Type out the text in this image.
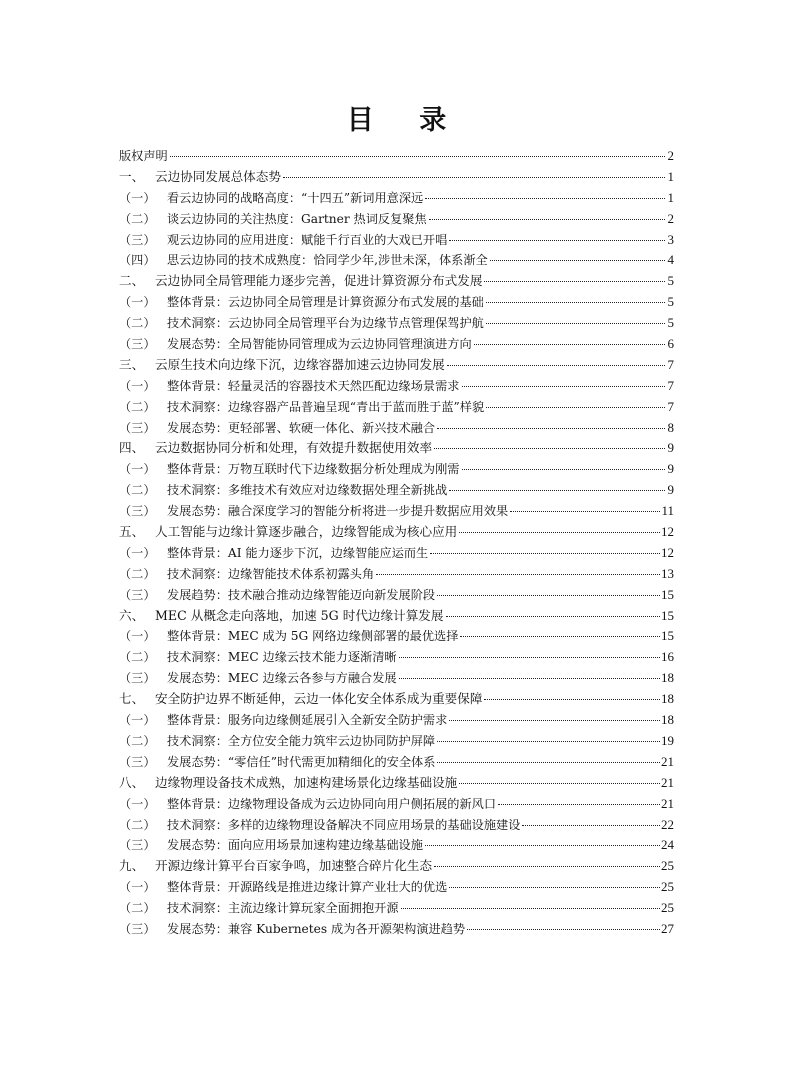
目 录
版权声明	2
一、 云边协同发展总体态势	1
（一） 看云边协同的战略高度：“十四五”新词用意深远	1
（二） 谈云边协同的关注热度：Gartner 热词反复聚焦	2
（三） 观云边协同的应用进度：赋能千行百业的大戏已开唱	3
（四） 思云边协同的技术成熟度：恰同学少年,涉世未深，体系渐全	4
二、 云边协同全局管理能力逐步完善，促进计算资源分布式发展	5
（一） 整体背景：云边协同全局管理是计算资源分布式发展的基础	5
（二） 技术洞察：云边协同全局管理平台为边缘节点管理保驾护航	5
（三） 发展态势：全局智能协同管理成为云边协同管理演进方向	6
三、 云原生技术向边缘下沉，边缘容器加速云边协同发展	7
（一） 整体背景：轻量灵活的容器技术天然匹配边缘场景需求	7
（二） 技术洞察：边缘容器产品普遍呈现“青出于蓝而胜于蓝”样貌	7
（三） 发展态势：更轻部署、软硬一体化、新兴技术融合	8
四、 云边数据协同分析和处理，有效提升数据使用效率	9
（一） 整体背景：万物互联时代下边缘数据分析处理成为刚需	9
（二） 技术洞察：多维技术有效应对边缘数据处理全新挑战	9
（三） 发展态势：融合深度学习的智能分析将进一步提升数据应用效果	11
五、 人工智能与边缘计算逐步融合，边缘智能成为核心应用	12
（一） 整体背景：AI 能力逐步下沉，边缘智能应运而生	12
（二） 技术洞察：边缘智能技术体系初露头角	13
（三） 发展趋势：技术融合推动边缘智能迈向新发展阶段	15
六、 MEC 从概念走向落地，加速 5G 时代边缘计算发展	15
（一） 整体背景：MEC 成为 5G 网络边缘侧部署的最优选择	15
（二） 技术洞察：MEC 边缘云技术能力逐渐清晰	16
（三） 发展态势：MEC 边缘云各参与方融合发展	18
七、 安全防护边界不断延伸，云边一体化安全体系成为重要保障	18
（一） 整体背景：服务向边缘侧延展引入全新安全防护需求	18
（二） 技术洞察：全方位安全能力筑牢云边协同防护屏障	19
（三） 发展态势：“零信任”时代需更加精细化的安全体系	21
八、 边缘物理设备技术成熟，加速构建场景化边缘基础设施	21
（一） 整体背景：边缘物理设备成为云边协同向用户侧拓展的新风口	21
（二） 技术洞察：多样的边缘物理设备解决不同应用场景的基础设施建设	22
（三） 发展态势：面向应用场景加速构建边缘基础设施	24
九、 开源边缘计算平台百家争鸣，加速整合碎片化生态	25
（一） 整体背景：开源路线是推进边缘计算产业壮大的优选	25
（二） 技术洞察：主流边缘计算玩家全面拥抱开源	25
（三） 发展态势：兼容 Kubernetes 成为各开源架构演进趋势	27
